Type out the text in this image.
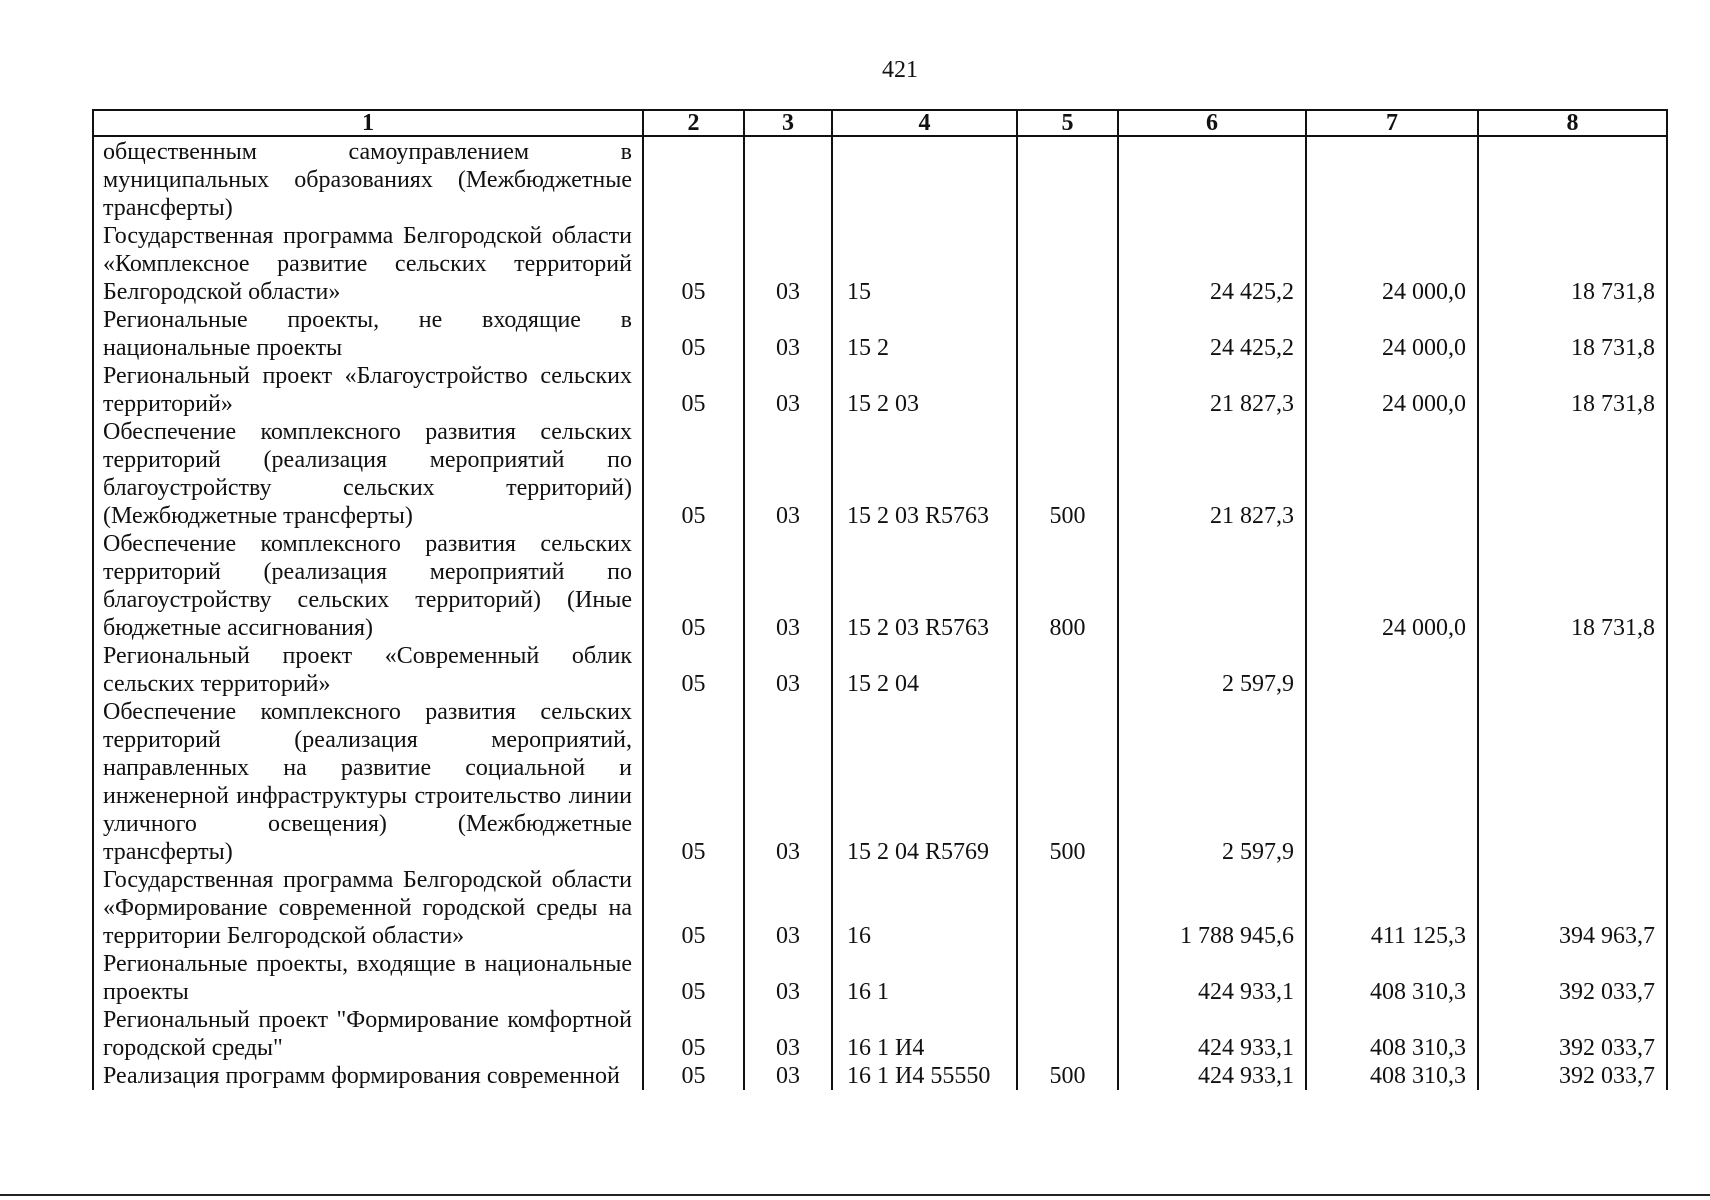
421
1	2	3	4	5	6	7	8
общественным самоуправлением в муниципальных образованиях (Межбюджетные трансферты)							
Государственная программа Белгородской области «Комплексное развитие сельских территорий Белгородской области»	05	03	15		24 425,2	24 000,0	18 731,8
Региональные проекты, не входящие в национальные проекты	05	03	15 2		24 425,2	24 000,0	18 731,8
Региональный проект «Благоустройство сельских территорий»	05	03	15 2 03		21 827,3	24 000,0	18 731,8
Обеспечение комплексного развития сельских территорий (реализация мероприятий по благоустройству сельских территорий) (Межбюджетные трансферты)	05	03	15 2 03 R5763	500	21 827,3		
Обеспечение комплексного развития сельских территорий (реализация мероприятий по благоустройству сельских территорий) (Иные бюджетные ассигнования)	05	03	15 2 03 R5763	800		24 000,0	18 731,8
Региональный проект «Современный облик сельских территорий»	05	03	15 2 04		2 597,9		
Обеспечение комплексного развития сельских территорий (реализация мероприятий, направленных на развитие социальной и инженерной инфраструктуры строительство линии уличного освещения) (Межбюджетные трансферты)	05	03	15 2 04 R5769	500	2 597,9		
Государственная программа Белгородской области «Формирование современной городской среды на территории Белгородской области»	05	03	16		1 788 945,6	411 125,3	394 963,7
Региональные проекты, входящие в национальные проекты	05	03	16 1		424 933,1	408 310,3	392 033,7
Региональный проект "Формирование комфортной городской среды"	05	03	16 1 И4		424 933,1	408 310,3	392 033,7
Реализация программ формирования современной	05	03	16 1 И4 55550	500	424 933,1	408 310,3	392 033,7
